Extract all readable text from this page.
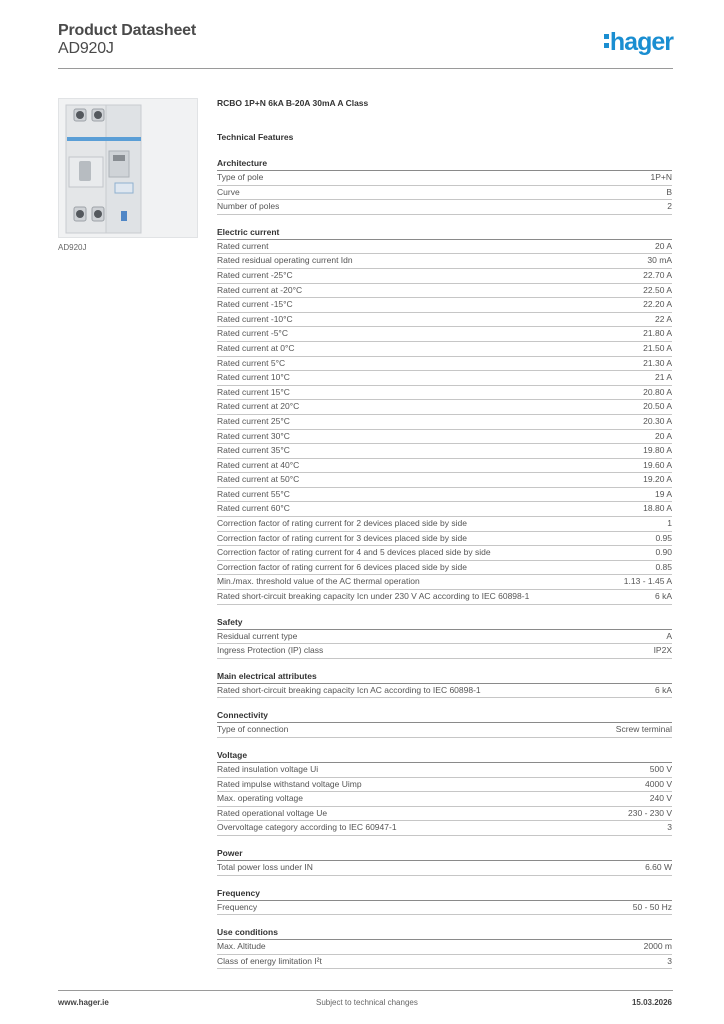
Product Datasheet
AD920J	hager
AD920J
RCBO 1P+N 6kA B-20A 30mA A Class
Technical Features
Architecture
Type of pole	1P+N
Curve	B
Number of poles	2
Electric current
Rated current	20 A
Rated residual operating current Idn	30 mA
Rated current -25°C	22.70 A
Rated current at -20°C	22.50 A
Rated current -15°C	22.20 A
Rated current -10°C	22 A
Rated current -5°C	21.80 A
Rated current at 0°C	21.50 A
Rated current 5°C	21.30 A
Rated current 10°C	21 A
Rated current 15°C	20.80 A
Rated current at 20°C	20.50 A
Rated current 25°C	20.30 A
Rated current 30°C	20 A
Rated current 35°C	19.80 A
Rated current at 40°C	19.60 A
Rated current at 50°C	19.20 A
Rated current 55°C	19 A
Rated current 60°C	18.80 A
Correction factor of rating current for 2 devices placed side by side	1
Correction factor of rating current for 3 devices placed side by side	0.95
Correction factor of rating current for 4 and 5 devices placed side by side	0.90
Correction factor of rating current for 6 devices placed side by side	0.85
Min./max. threshold value of the AC thermal operation	1.13 - 1.45 A
Rated short-circuit breaking capacity Icn under 230 V AC according to IEC 60898-1	6 kA
Safety
Residual current type	A
Ingress Protection (IP) class	IP2X
Main electrical attributes
Rated short-circuit breaking capacity Icn AC according to IEC 60898-1	6 kA
Connectivity
Type of connection	Screw terminal
Voltage
Rated insulation voltage Ui	500 V
Rated impulse withstand voltage Uimp	4000 V
Max. operating voltage	240 V
Rated operational voltage Ue	230 - 230 V
Overvoltage category according to IEC 60947-1	3
Power
Total power loss under IN	6.60 W
Frequency
Frequency	50 - 50 Hz
Use conditions
Max. Altitude	2000 m
Class of energy limitation I²t	3
www.hager.ie	Subject to technical changes	15.03.2026
